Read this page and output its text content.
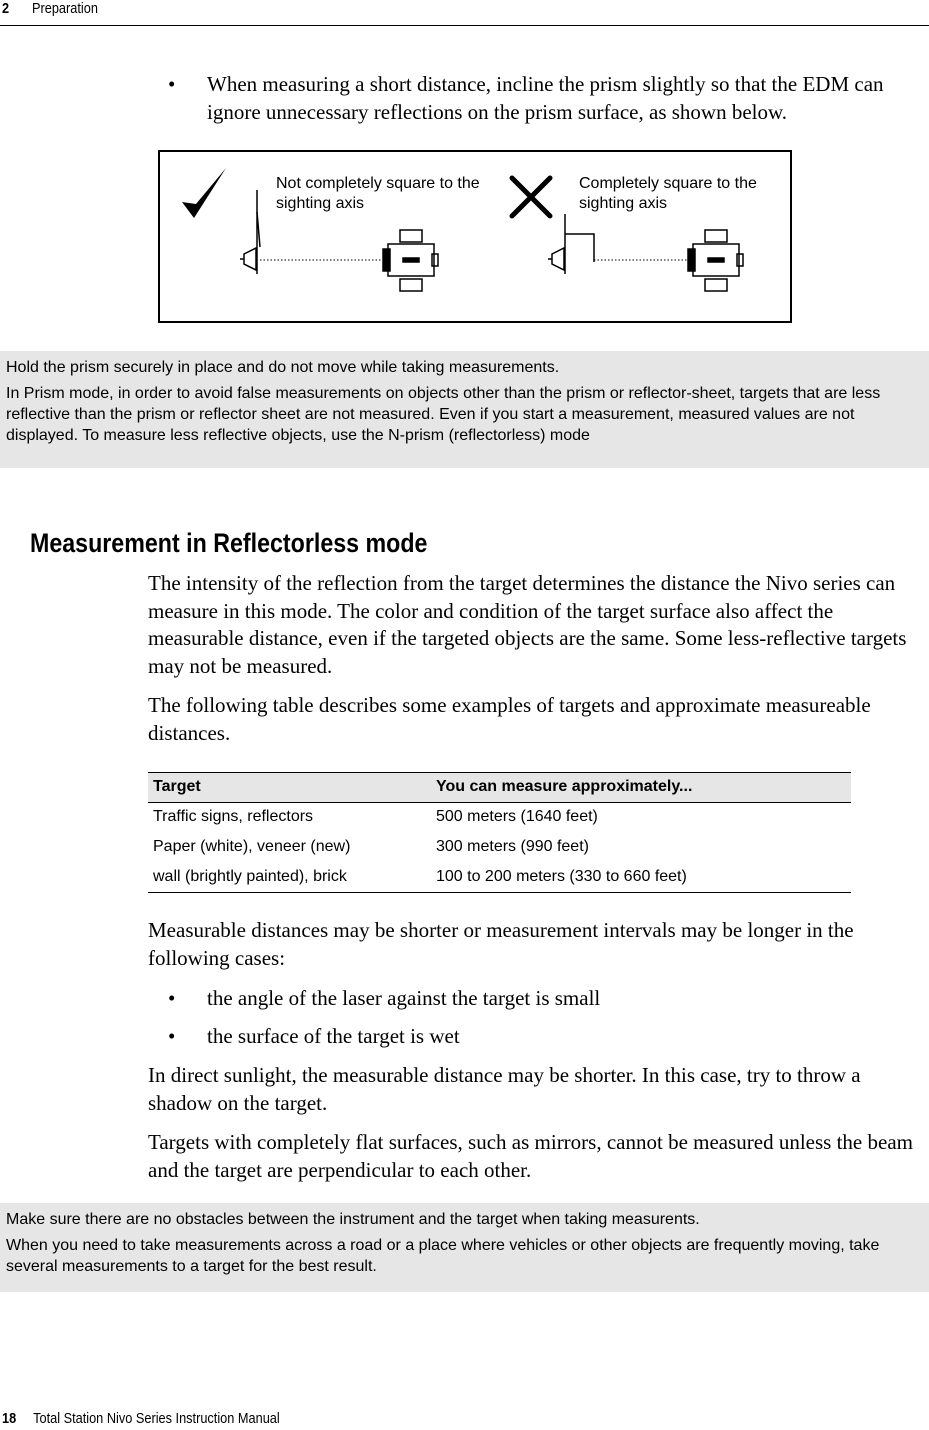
2 Preparation
• When measuring a short distance, incline the prism slightly so that the EDM can ignore unnecessary reflections on the prism surface, as shown below.
Not completely square to the sighting axis
Completely square to the sighting axis

Hold the prism securely in place and do not move while taking measurements.

In Prism mode, in order to avoid false measurements on objects other than the prism or reflector-sheet, targets that are less reflective than the prism or reflector sheet are not measured. Even if you start a measurement, measured values are not displayed. To measure less reflective objects, use the N-prism (reflectorless) mode

Measurement in Reflectorless mode
The intensity of the reflection from the target determines the distance the Nivo series can measure in this mode. The color and condition of the target surface also affect the measurable distance, even if the targeted objects are the same. Some less-reflective targets may not be measured.
The following table describes some examples of targets and approximate measureable distances.
Target	You can measure approximately...
Traffic signs, reflectors	500 meters (1640 feet)
Paper (white), veneer (new)	300 meters (990 feet)
wall (brightly painted), brick	100 to 200 meters (330 to 660 feet)
Measurable distances may be shorter or measurement intervals may be longer in the following cases:
• the angle of the laser against the target is small
• the surface of the target is wet
In direct sunlight, the measurable distance may be shorter. In this case, try to throw a shadow on the target.
Targets with completely flat surfaces, such as mirrors, cannot be measured unless the beam and the target are perpendicular to each other.

Make sure there are no obstacles between the instrument and the target when taking measurents.

When you need to take measurements across a road or a place where vehicles or other objects are frequently moving, take several measurements to a target for the best result.

18 Total Station Nivo Series Instruction Manual
